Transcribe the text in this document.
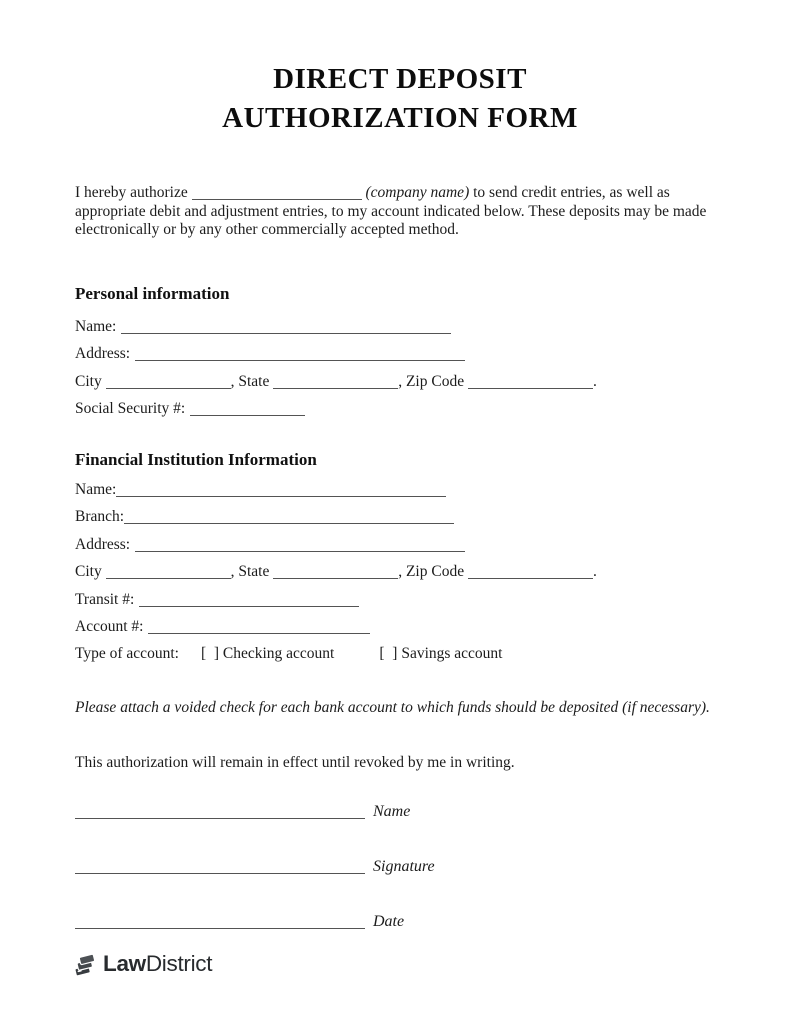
DIRECT DEPOSIT
AUTHORIZATION FORM

I hereby authorize	(company name) to send credit entries, as well as appropriate debit and adjustment entries, to my account indicated below. These deposits may be made electronically or by any other commercially accepted method.

Personal information
Name:
Address:
City	, State	, Zip Code	.
Social Security #:
Financial Institution Information
Name:
Branch:
Address:
City	, State	, Zip Code	.
Transit #:
Account #:
Type of account: [  ] Checking account	[  ] Savings account

Please attach a voided check for each bank account to which funds should be deposited (if necessary).

This authorization will remain in effect until revoked by me in writing.

Name
Signature
Date
Law District
